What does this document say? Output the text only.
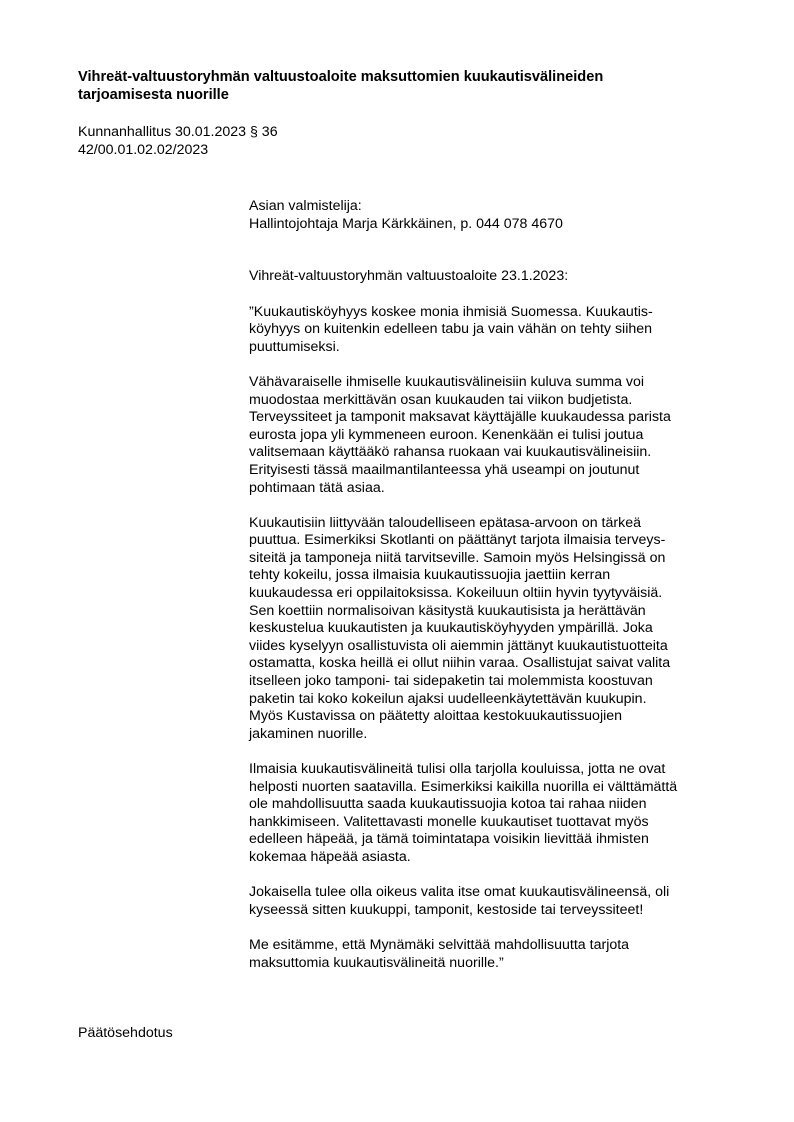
Vihreät-valtuustoryhmän valtuustoaloite maksuttomien kuukautisvälineiden
tarjoamisesta nuorille
Kunnanhallitus 30.01.2023 § 36
42/00.01.02.02/2023
Asian valmistelija:
Hallintojohtaja Marja Kärkkäinen, p. 044 078 4670
Vihreät-valtuustoryhmän valtuustoaloite 23.1.2023:
”Kuukautisköyhyys koskee monia ihmisiä Suomessa. Kuukautis-
köyhyys on kuitenkin edelleen tabu ja vain vähän on tehty siihen
puuttumiseksi.
Vähävaraiselle ihmiselle kuukautisvälineisiin kuluva summa voi
muodostaa merkittävän osan kuukauden tai viikon budjetista.
Terveyssiteet ja tamponit maksavat käyttäjälle kuukaudessa parista
eurosta jopa yli kymmeneen euroon. Kenenkään ei tulisi joutua
valitsemaan käyttääkö rahansa ruokaan vai kuukautisvälineisiin.
Erityisesti tässä maailmantilanteessa yhä useampi on joutunut
pohtimaan tätä asiaa.
Kuukautisiin liittyvään taloudelliseen epätasa-arvoon on tärkeä
puuttua. Esimerkiksi Skotlanti on päättänyt tarjota ilmaisia terveys-
siteitä ja tamponeja niitä tarvitseville. Samoin myös Helsingissä on
tehty kokeilu, jossa ilmaisia kuukautissuojia jaettiin kerran
kuukaudessa eri oppilaitoksissa. Kokeiluun oltiin hyvin tyytyväisiä.
Sen koettiin normalisoivan käsitystä kuukautisista ja herättävän
keskustelua kuukautisten ja kuukautisköyhyyden ympärillä. Joka
viides kyselyyn osallistuvista oli aiemmin jättänyt kuukautistuotteita
ostamatta, koska heillä ei ollut niihin varaa. Osallistujat saivat valita
itselleen joko tamponi- tai sidepaketin tai molemmista koostuvan
paketin tai koko kokeilun ajaksi uudelleenkäytettävän kuukupin.
Myös Kustavissa on päätetty aloittaa kestokuukautissuojien
jakaminen nuorille.
Ilmaisia kuukautisvälineitä tulisi olla tarjolla kouluissa, jotta ne ovat
helposti nuorten saatavilla. Esimerkiksi kaikilla nuorilla ei välttämättä
ole mahdollisuutta saada kuukautissuojia kotoa tai rahaa niiden
hankkimiseen. Valitettavasti monelle kuukautiset tuottavat myös
edelleen häpeää, ja tämä toimintatapa voisikin lievittää ihmisten
kokemaa häpeää asiasta.
Jokaisella tulee olla oikeus valita itse omat kuukautisvälineensä, oli
kyseessä sitten kuukuppi, tamponit, kestoside tai terveyssiteet!
Me esitämme, että Mynämäki selvittää mahdollisuutta tarjota
maksuttomia kuukautisvälineitä nuorille.”
Päätösehdotus
